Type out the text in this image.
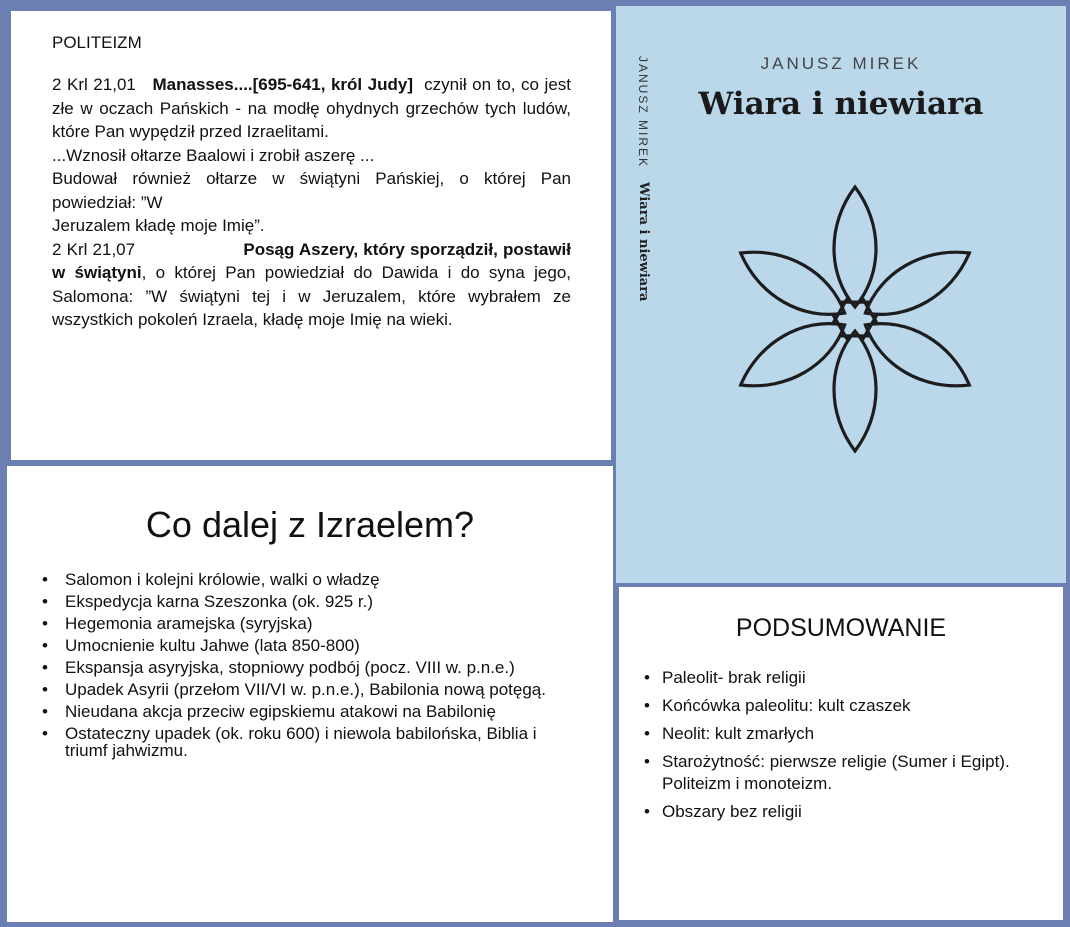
POLITEIZM

2 Krl 21,01 Manasses....[695-641, król Judy] czynił on to, co jest złe w oczach Pańskich - na modłę ohydnych grzechów tych ludów, które Pan wypędził przed Izraelitami.

...Wznosił ołtarze Baalowi i zrobił aszerę ...

Budował również ołtarze w świątyni Pańskiej, o której Pan powiedział: ”W

Jeruzalem kładę moje Imię”.

2 Krl 21,07	Posąg Aszery, który sporządził, postawił w świątyni, o której Pan powiedział do Dawida i do syna jego, Salomona: ”W świątyni tej i w Jeruzalem, które wybrałem ze wszystkich pokoleń Izraela, kładę moje Imię na wieki.

Co dalej z Izraelem?
• Salomon i kolejni królowie, walki o władzę
• Ekspedycja karna Szeszonka (ok. 925 r.)
• Hegemonia aramejska (syryjska)
• Umocnienie kultu Jahwe (lata 850-800)
• Ekspansja asyryjska, stopniowy podbój (pocz. VIII w. p.n.e.)
• Upadek Asyrii (przełom VII/VI w. p.n.e.), Babilonia nową potęgą.
• Nieudana akcja przeciw egipskiemu atakowi na Babilonię
• Ostateczny upadek (ok. roku 600) i niewola babilońska, Biblia i triumf jahwizmu.
JANUSZ MIREKWiara i niewiara
JANUSZ MIREK
Wiara i niewiara
PODSUMOWANIE
• Paleolit- brak religii
• Końcówka paleolitu: kult czaszek
• Neolit: kult zmarłych
• Starożytność: pierwsze religie (Sumer i Egipt). Politeizm i monoteizm.
• Obszary bez religii
